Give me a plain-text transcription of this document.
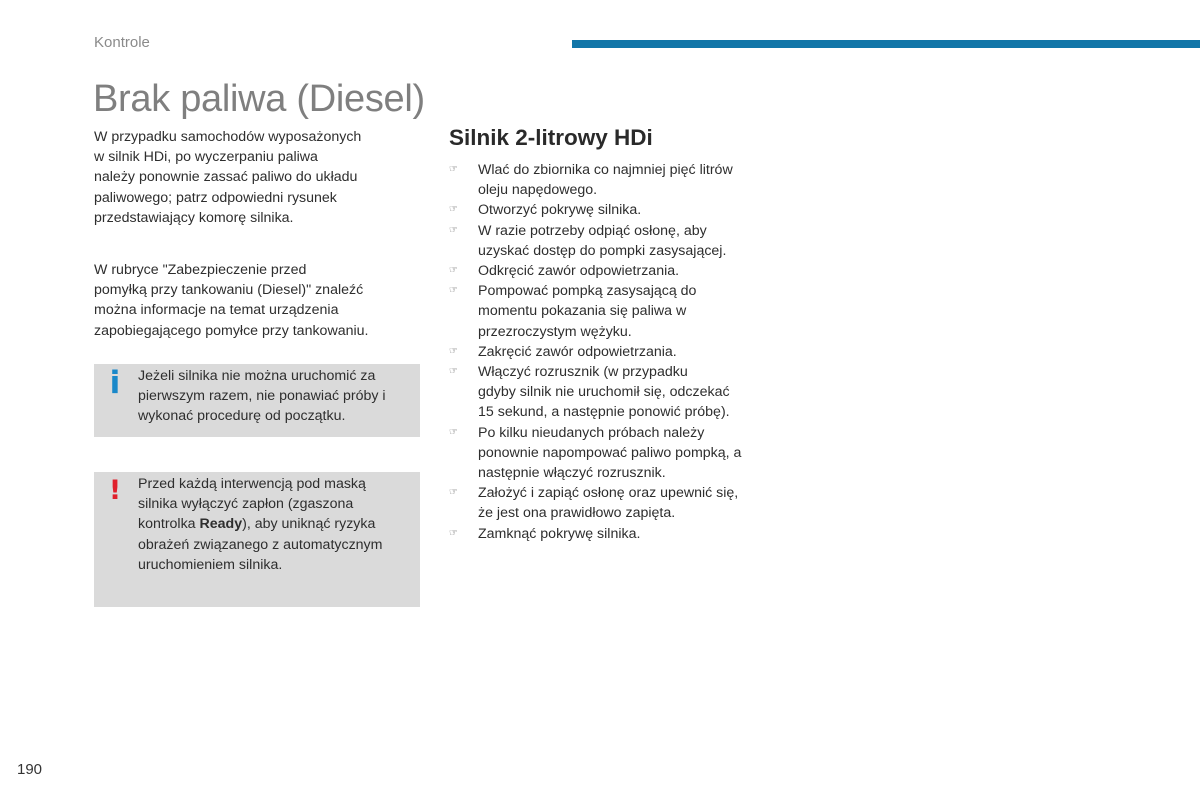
Kontrole
Brak paliwa (Diesel)

W przypadku samochodów wyposażonych
w silnik HDi, po wyczerpaniu paliwa
należy ponownie zassać paliwo do układu
paliwowego; patrz odpowiedni rysunek
przedstawiający komorę silnika.

W rubryce "Zabezpieczenie przed
pomyłką przy tankowaniu (Diesel)" znaleźć
można informacje na temat urządzenia
zapobiegającego pomyłce przy tankowaniu.

i Jeżeli silnika nie można uruchomić za
pierwszym razem, nie ponawiać próby i
wykonać procedurę od początku.
! Przed każdą interwencją pod maską
silnika wyłączyć zapłon (zgaszona
kontrolka Ready), aby uniknąć ryzyka
obrażeń związanego z automatycznym
uruchomieniem silnika.
Silnik 2-litrowy HDi
☞ Wlać do zbiornika co najmniej pięć litrów
oleju napędowego.
☞ Otworzyć pokrywę silnika.
☞ W razie potrzeby odpiąć osłonę, aby
uzyskać dostęp do pompki zasysającej.
☞ Odkręcić zawór odpowietrzania.
☞ Pompować pompką zasysającą do
momentu pokazania się paliwa w
przezroczystym wężyku.
☞ Zakręcić zawór odpowietrzania.
☞ Włączyć rozrusznik (w przypadku
gdyby silnik nie uruchomił się, odczekać
15 sekund, a następnie ponowić próbę).
☞ Po kilku nieudanych próbach należy
ponownie napompować paliwo pompką, a
następnie włączyć rozrusznik.
☞ Założyć i zapiąć osłonę oraz upewnić się,
że jest ona prawidłowo zapięta.
☞ Zamknąć pokrywę silnika.
190
